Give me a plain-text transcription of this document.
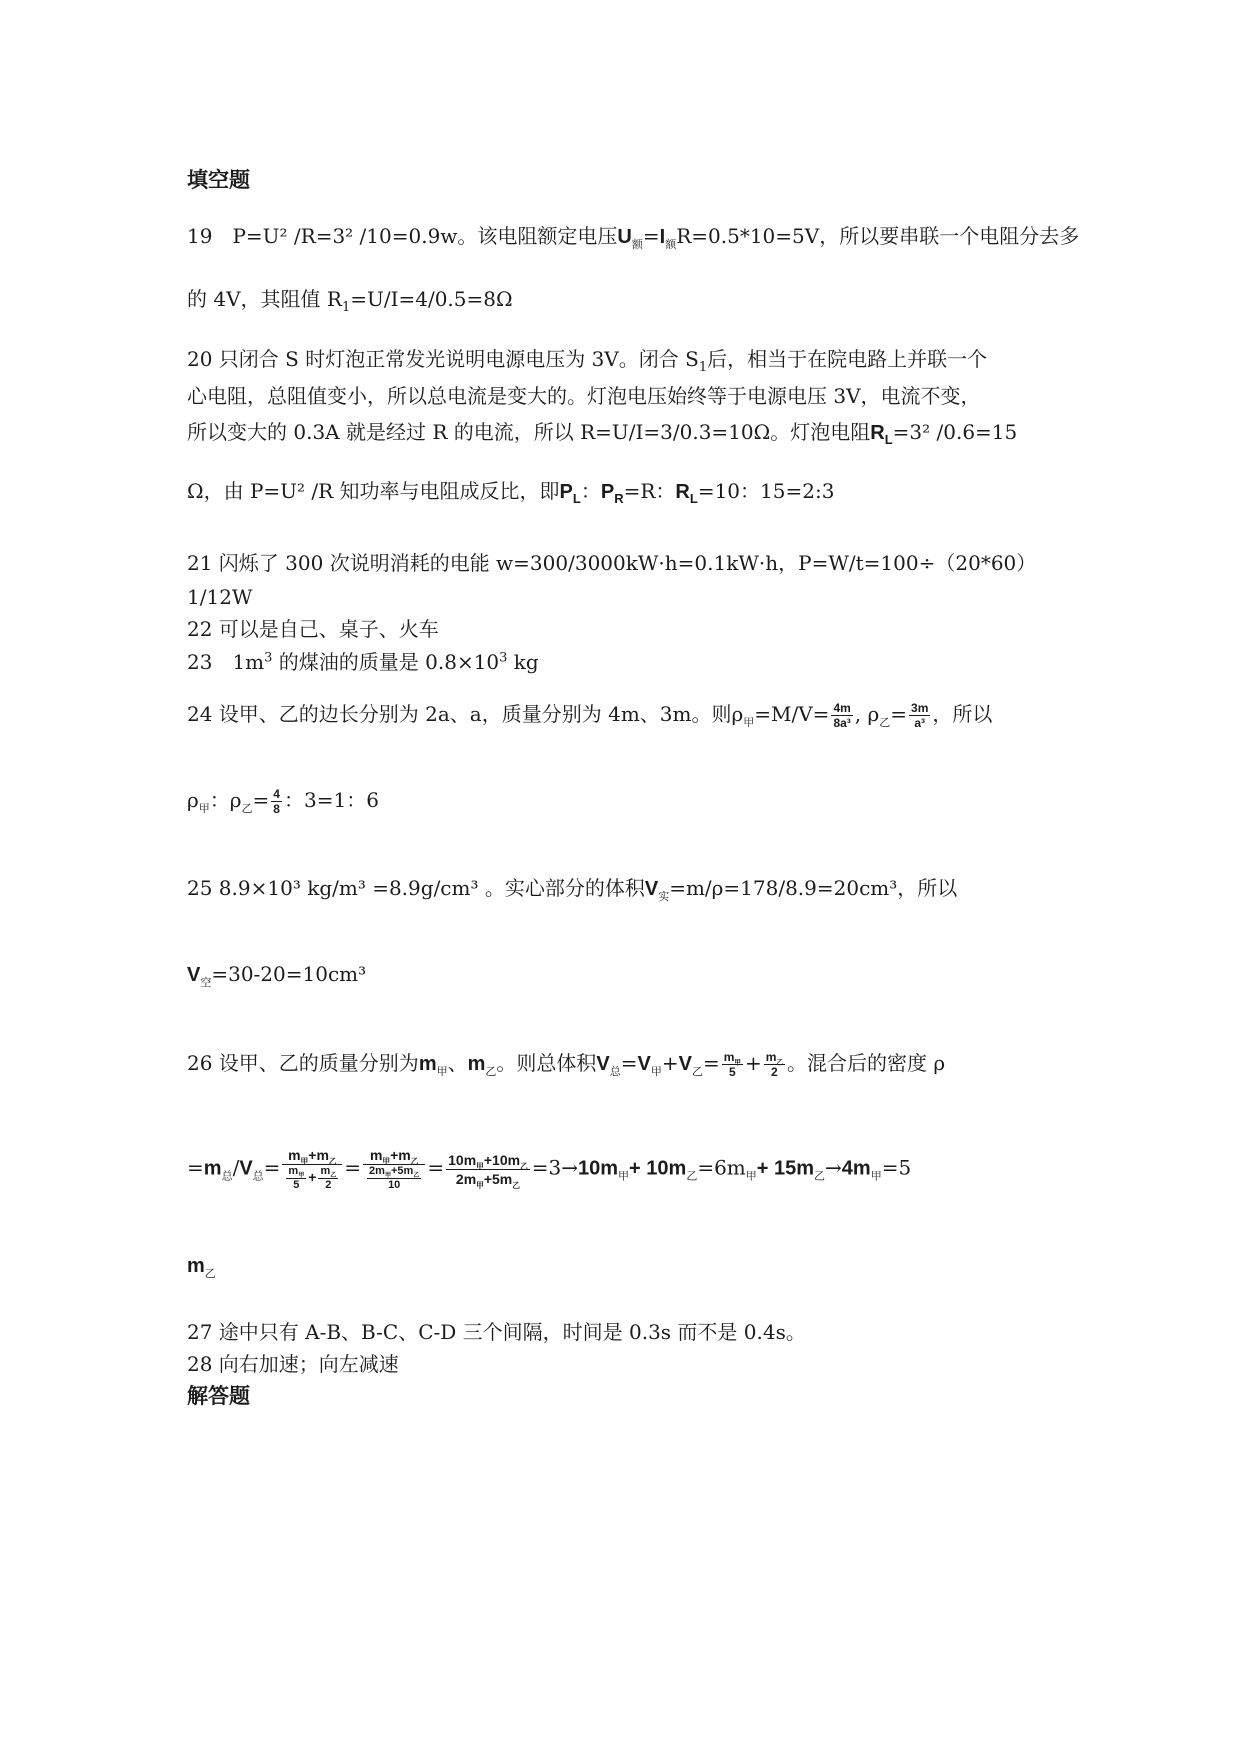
填空题
19　P=U² /R=3² /10=0.9w。该电阻额定电压$U_额=I_额R=0.5*10=5V$，所以要串联一个电阻分去多
的 4V，其阻值 $R_1=U/I=4/0.5=8\Omega$
20 只闭合 S 时灯泡正常发光说明电源电压为 3V。闭合 $S_1$后，相当于在院电路上并联一个
心电阻，总阻值变小，所以总电流是变大的。灯泡电压始终等于电源电压 3V，电流不变，
所以变大的 0.3A 就是经过 R 的电流，所以 R=U/I=3/0.3=10Ω。灯泡电阻$R_L=3^2$ /0.6=15
Ω，由 P=U² /R 知功率与电阻成反比，即$P_L$：$P_R=R$：$R_L=10$：15=2:3
21 闪烁了 300 次说明消耗的电能 w=300/3000kW·h=0.1kW·h，P=W/t=100÷（20*60）
1/12W
22 可以是自己、桌子、火车
23　$1m^3$ 的煤油的质量是 $0.8\times 10^3$ kg
24 设甲、乙的边长分别为 2a、a，质量分别为 4m、3m。则$\rho_甲=M/V= \frac{4m}{\text{8a³}}$ , $\rho_乙= \frac{3m}{\text{a³}}$ ，所以
$\rho_甲$：$\rho_乙= \frac{4}{8}$ ：3=1：6
25 8.9×10³ kg/m³ =8.9g/cm³ 。实心部分的体积$V_实=m/\rho=178/8.9=20cm^3$，所以
$V_空=30-20=10cm^3$
26 设甲、乙的质量分别为$m_甲$、$m_乙$。则总体积$V_总=V_甲+V_乙= \frac{m_甲}{5} + \frac{m_乙}{2}$ 。混合后的密度 ρ
$=m_总/V_总= \frac{m_甲+m_乙}{\frac{m_甲}{5} + \frac{m_乙}{2}} = \frac{m_甲+m_乙}{\frac{2m_甲+5m_乙}{10}} = \frac{10m_甲+10m_乙}{2m_甲+5m_乙} =3\to 10m_甲+ 10m_乙=6m_甲+ 15m_乙\to 4m_甲=5$
$m_乙$
27 途中只有 A-B、B-C、C-D 三个间隔，时间是 0.3s 而不是 0.4s。
28 向右加速；向左减速
解答题
